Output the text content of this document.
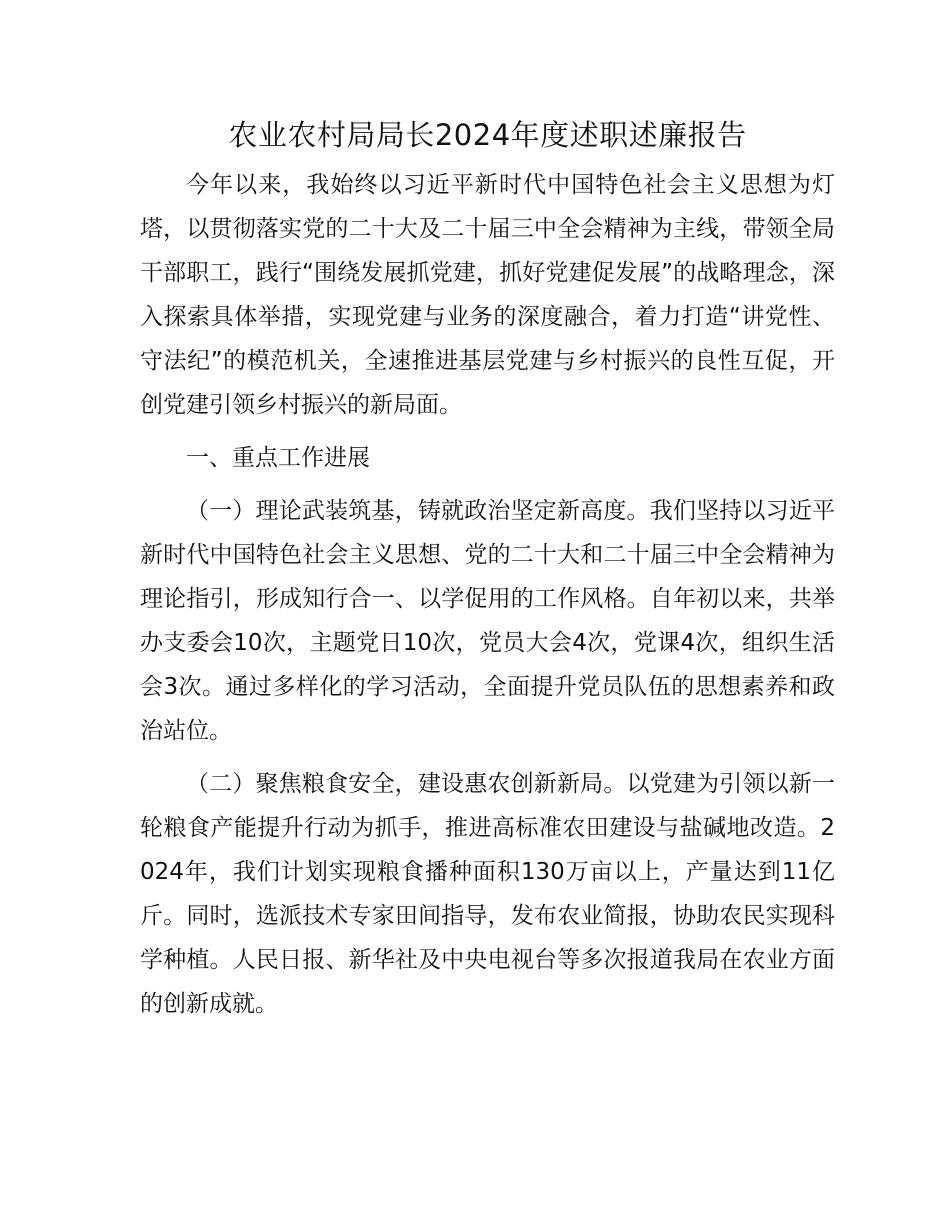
农业农村局局长2024年度述职述廉报告

今年以来，我始终以习近平新时代中国特色社会主义思想为灯塔，以贯彻落实党的二十大及二十届三中全会精神为主线，带领全局干部职工，践行“围绕发展抓党建，抓好党建促发展”的战略理念，深入探索具体举措，实现党建与业务的深度融合，着力打造“讲党性、守法纪”的模范机关，全速推进基层党建与乡村振兴的良性互促，开创党建引领乡村振兴的新局面。

一、重点工作进展

（一）理论武装筑基，铸就政治坚定新高度。我们坚持以习近平新时代中国特色社会主义思想、党的二十大和二十届三中全会精神为理论指引，形成知行合一、以学促用的工作风格。自年初以来，共举办支委会10次，主题党日10次，党员大会4次，党课4次，组织生活会3次。通过多样化的学习活动，全面提升党员队伍的思想素养和政治站位。

（二）聚焦粮食安全，建设惠农创新新局。以党建为引领以新一轮粮食产能提升行动为抓手，推进高标准农田建设与盐碱地改造。2024年，我们计划实现粮食播种面积130万亩以上，产量达到11亿斤。同时，选派技术专家田间指导，发布农业简报，协助农民实现科学种植。人民日报、新华社及中央电视台等多次报道我局在农业方面的创新成就。
